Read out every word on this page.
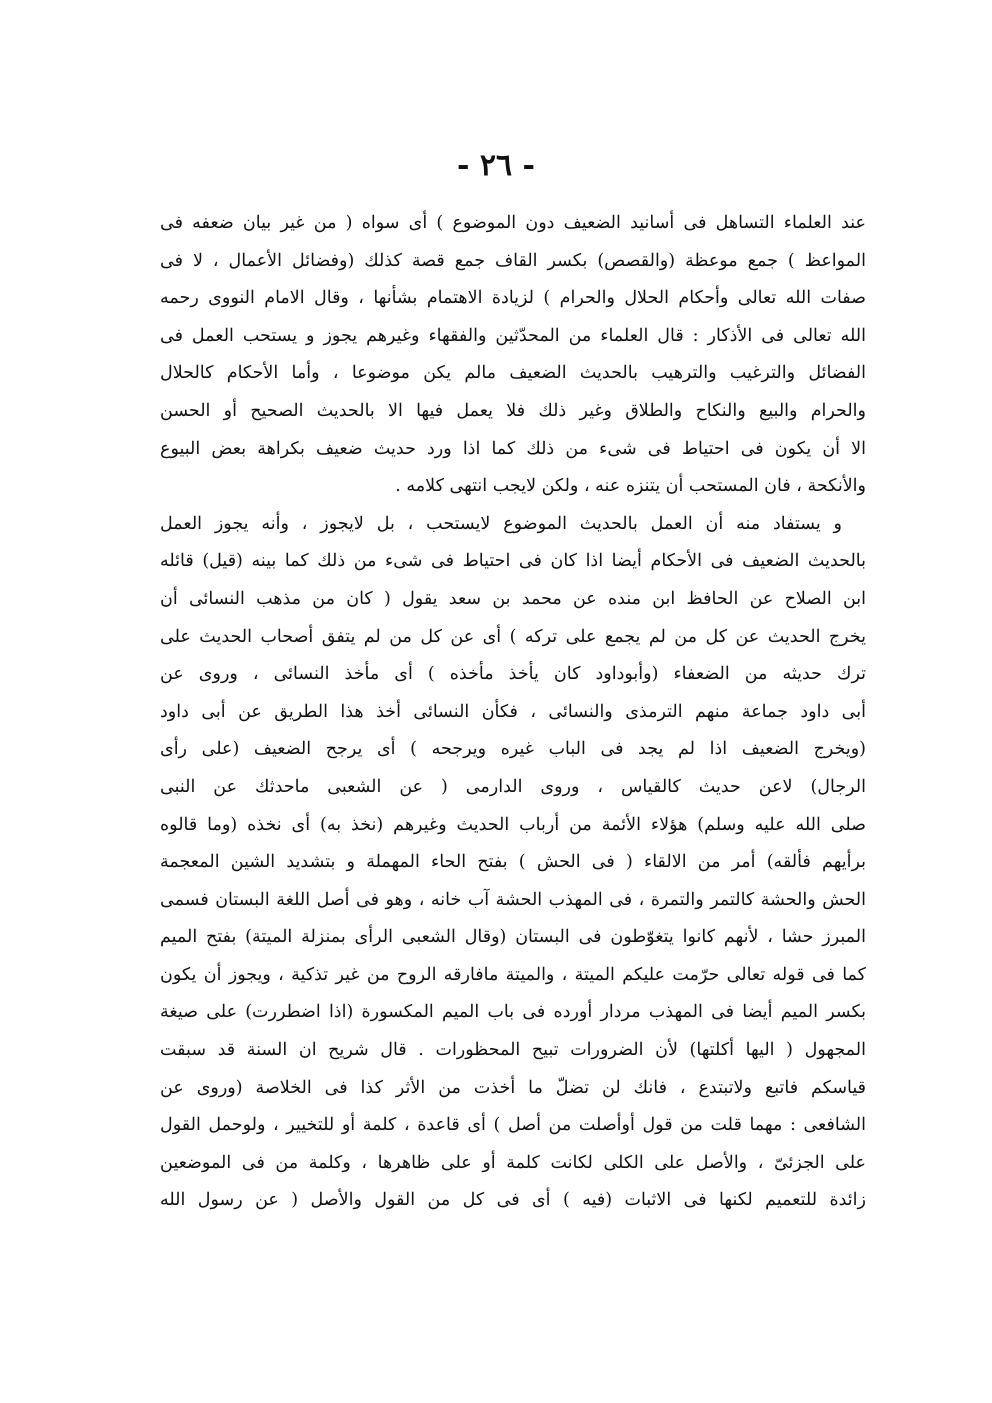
- ٢٦ -
عند العلماء التساهل فى أسانيد الضعيف دون الموضوع ) أى سواه ( من غير بيان ضعفه فى
المواعظ ) جمع موعظة (والقصص) بكسر القاف جمع قصة كذلك (وفضائل الأعمال ، لا فى
صفات الله تعالى وأحكام الحلال والحرام ) لزيادة الاهتمام بشأنها ، وقال الامام النووى رحمه
الله تعالى فى الأذكار : قال العلماء من المحدّثين والفقهاء وغيرهم يجوز و يستحب العمل فى
الفضائل والترغيب والترهيب بالحديث الضعيف مالم يكن موضوعا ، وأما الأحكام كالحلال
والحرام والبيع والنكاح والطلاق وغير ذلك فلا يعمل فيها الا بالحديث الصحيح أو الحسن
الا أن يكون فى احتياط فى شىء من ذلك كما اذا ورد حديث ضعيف بكراهة بعض البيوع
والأنكحة ، فان المستحب أن يتنزه عنه ، ولكن لايجب انتهى كلامه .
و يستفاد منه أن العمل بالحديث الموضوع لايستحب ، بل لايجوز ، وأنه يجوز العمل
بالحديث الضعيف فى الأحكام أيضا اذا كان فى احتياط فى شىء من ذلك كما بينه (قيل) قائله
ابن الصلاح عن الحافظ ابن منده عن محمد بن سعد يقول ( كان من مذهب النسائى أن
يخرج الحديث عن كل من لم يجمع على تركه ) أى عن كل من لم يتفق أصحاب الحديث على
ترك حديثه من الضعفاء (وأبوداود كان يأخذ مأخذه ) أى مأخذ النسائى ، وروى عن
أبى داود جماعة منهم الترمذى والنسائى ، فكأن النسائى أخذ هذا الطريق عن أبى داود
(ويخرج الضعيف اذا لم يجد فى الباب غيره ويرجحه ) أى يرجح الضعيف (على رأى
الرجال) لاعن حديث كالقياس ، وروى الدارمى ( عن الشعبى ماحدثك عن النبى
صلى الله عليه وسلم) هؤلاء الأئمة من أرباب الحديث وغيرهم (نخذ به) أى نخذه (وما قالوه
برأيهم فألقه) أمر من الالقاء ( فى الحش ) بفتح الحاء المهملة و بتشديد الشين المعجمة
الحش والحشة كالتمر والتمرة ، فى المهذب الحشة آب خانه ، وهو فى أصل اللغة البستان فسمى
المبرز حشا ، لأنهم كانوا يتغوّطون فى البستان (وقال الشعبى الرأى بمنزلة الميتة) بفتح الميم
كما فى قوله تعالى حرّمت عليكم الميتة ، والميتة مافارقه الروح من غير تذكية ، ويجوز أن يكون
بكسر الميم أيضا فى المهذب مردار أورده فى باب الميم المكسورة (اذا اضطررت) على صيغة
المجهول ( اليها أكلتها) لأن الضرورات تبيح المحظورات . قال شريح ان السنة قد سبقت
قياسكم فاتبع ولاتبتدع ، فانك لن تضلّ ما أخذت من الأثر كذا فى الخلاصة (وروى عن
الشافعى : مهما قلت من قول أوأصلت من أصل ) أى قاعدة ، كلمة أو للتخيير ، ولوحمل القول
على الجزئىّ ، والأصل على الكلى لكانت كلمة أو على ظاهرها ، وكلمة من فى الموضعين
زائدة للتعميم لكنها فى الاثبات (فيه ) أى فى كل من القول والأصل ( عن رسول الله
